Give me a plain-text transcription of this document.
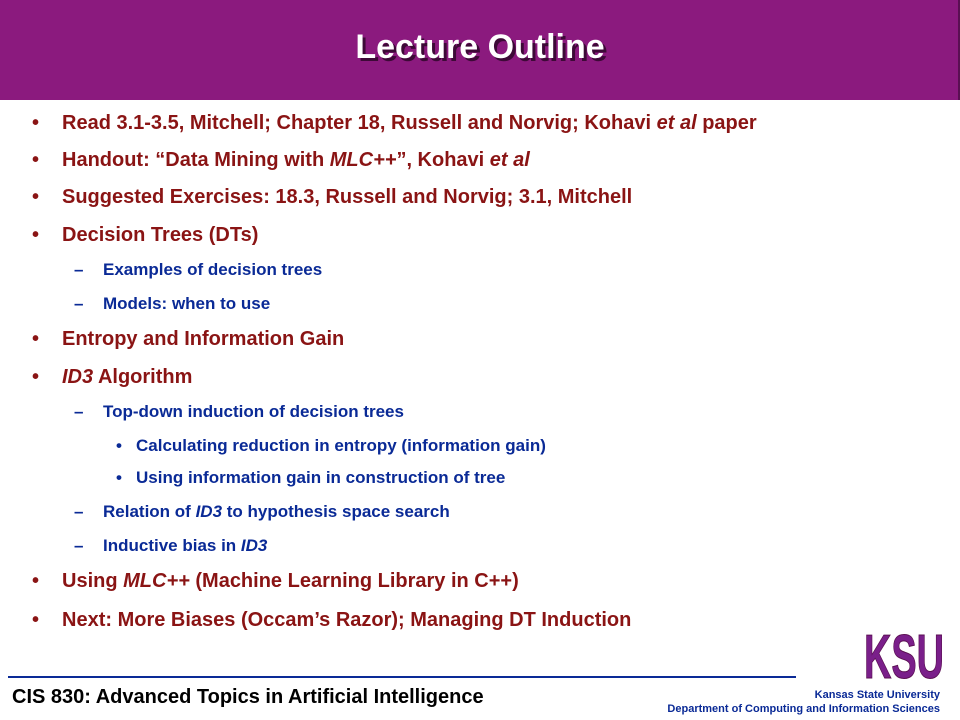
Lecture Outline
• Read 3.1-3.5, Mitchell; Chapter 18, Russell and Norvig; Kohavi et al paper
• Handout: “Data Mining with MLC++”, Kohavi et al
• Suggested Exercises: 18.3, Russell and Norvig; 3.1, Mitchell
• Decision Trees (DTs)
– Examples of decision trees
– Models: when to use
• Entropy and Information Gain
• ID3 Algorithm
– Top-down induction of decision trees
• Calculating reduction in entropy (information gain)
• Using information gain in construction of tree
– Relation of ID3 to hypothesis space search
– Inductive bias in ID3
• Using MLC++ (Machine Learning Library in C++)
• Next: More Biases (Occam’s Razor); Managing DT Induction
CIS 830: Advanced Topics in Artificial Intelligence
KSU
Kansas State University
Department of Computing and Information Sciences
